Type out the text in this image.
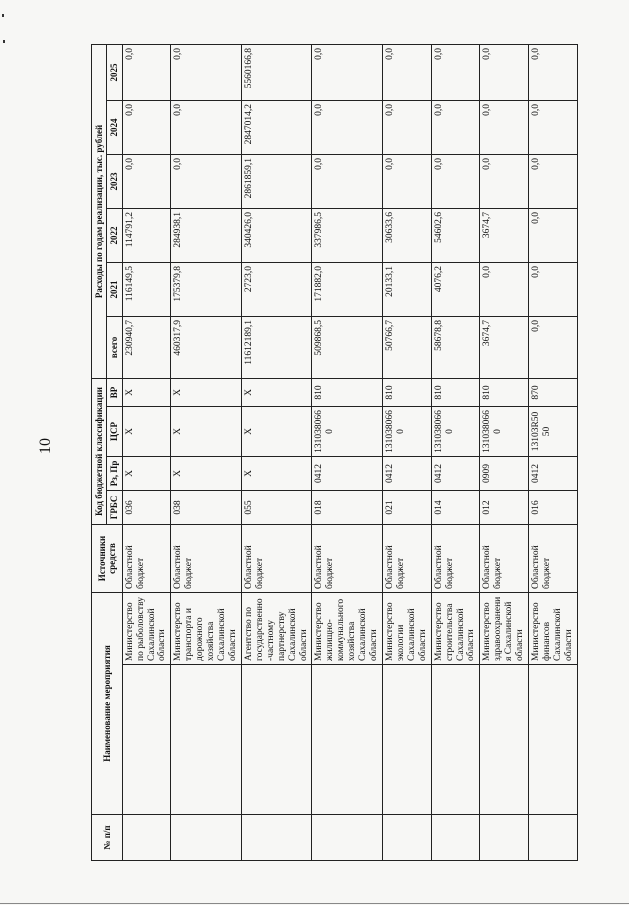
10
№ п/п	Наименование мероприятия		Источники средств	Код бюджетной классификации				Расходы по годам реализации, тыс. рублей					
				ГРБС	Рз, Пр	ЦСР	ВР	всего	2021	2022	2023	2024	2025
		Министерство по рыболовству Сахалинской области	Областной бюджет	036	X	X	X	230940,7	116149,5	114791,2	0,0	0,0	0,0
		Министерство транспорта и дорожного хозяйства Сахалинской области	Областной бюджет	038	X	X	X	460317,9	175379,8	284938,1	0,0	0,0	0,0
		Агентство по государственно-частному партнерству Сахалинской области	Областной бюджет	055	X	X	X	11612189,1	2723,0	340426,0	2861859,1	2847014,2	5560166,8
		Министерство жилищно-коммунального хозяйства Сахалинской области	Областной бюджет	018	0412	1310380660	810	509868,5	171882,0	337986,5	0,0	0,0	0,0
		Министерство экологии Сахалинской области	Областной бюджет	021	0412	1310380660	810	50766,7	20133,1	30633,6	0,0	0,0	0,0
		Министерство строительства Сахалинской области	Областной бюджет	014	0412	1310380660	810	58678,8	4076,2	54602,6	0,0	0,0	0,0
		Министерство здравоохранения Сахалинской области	Областной бюджет	012	0909	1310380660	810	3674,7	0,0	3674,7	0,0	0,0	0,0
		Министерство финансов Сахалинской области	Областной бюджет	016	0412	13103R5050	870	0,0	0,0	0,0	0,0	0,0	0,0
